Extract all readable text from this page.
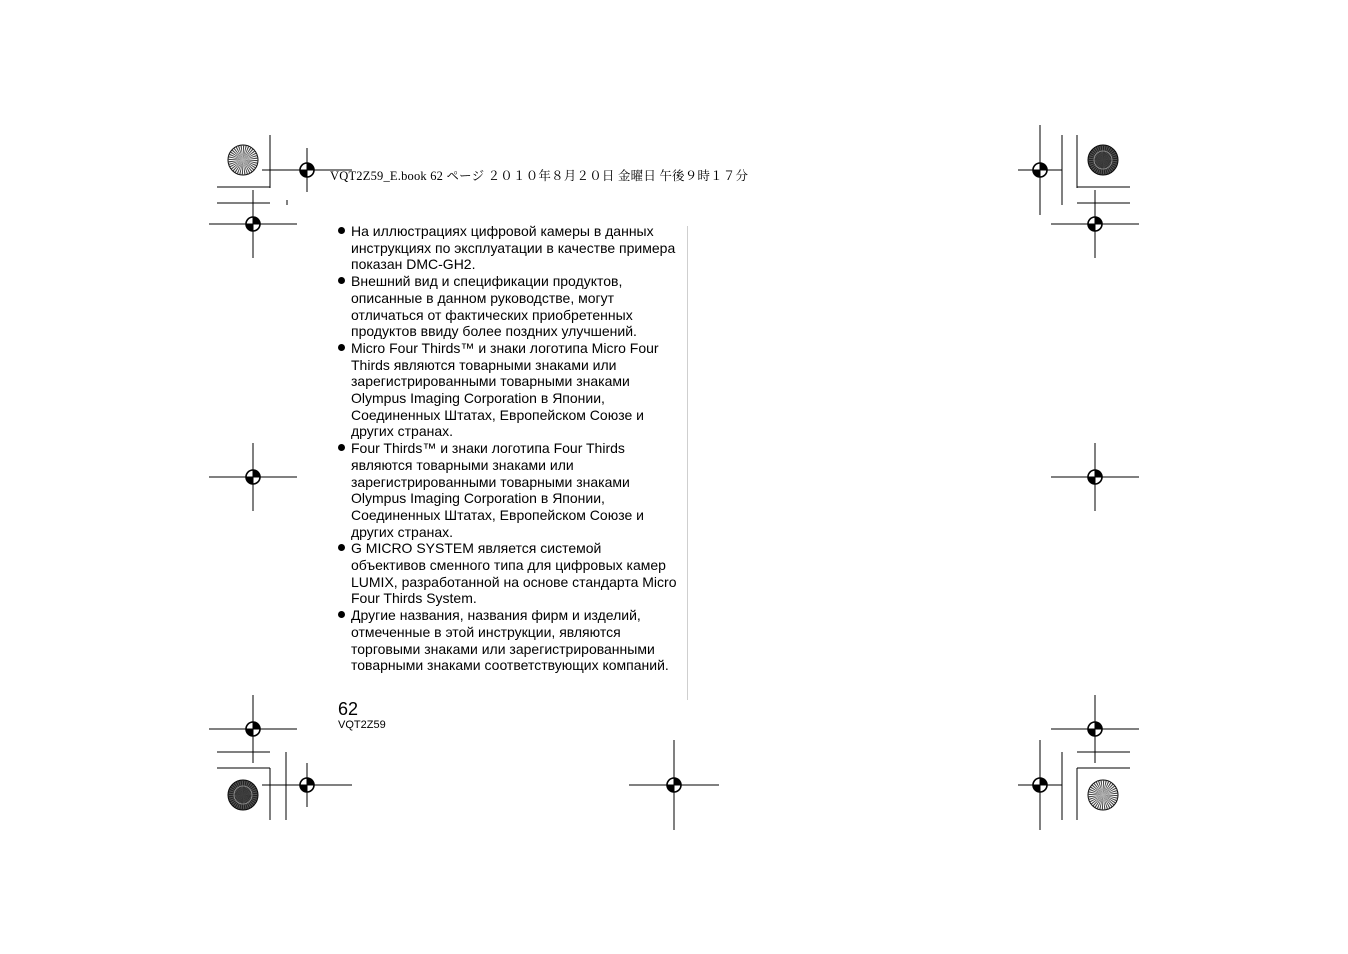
VQT2Z59_E.book 62 ページ ２０１０年８月２０日 金曜日 午後９時１７分
На иллюстрациях цифровой камеры в данных инструкциях по эксплуатации в качестве примера показан DMC-GH2.
Внешний вид и спецификации продуктов, описанные в данном руководстве, могут отличаться от фактических приобретенных продуктов ввиду более поздних улучшений.
Micro Four Thirds™ и знаки логотипа Micro Four Thirds являются товарными знаками или зарегистрированными товарными знаками Olympus Imaging Corporation в Японии, Соединенных Штатах, Европейском Союзе и других странах.
Four Thirds™ и знаки логотипа Four Thirds являются товарными знаками или зарегистрированными товарными знаками Olympus Imaging Corporation в Японии, Соединенных Штатах, Европейском Союзе и других странах.
G MICRO SYSTEM является системой объективов сменного типа для цифровых камер LUMIX, разработанной на основе стандарта Micro Four Thirds System.
Другие названия, названия фирм и изделий, отмеченные в этой инструкции, являются торговыми знаками или зарегистрированными товарными знаками соответствующих компаний.
62
VQT2Z59
